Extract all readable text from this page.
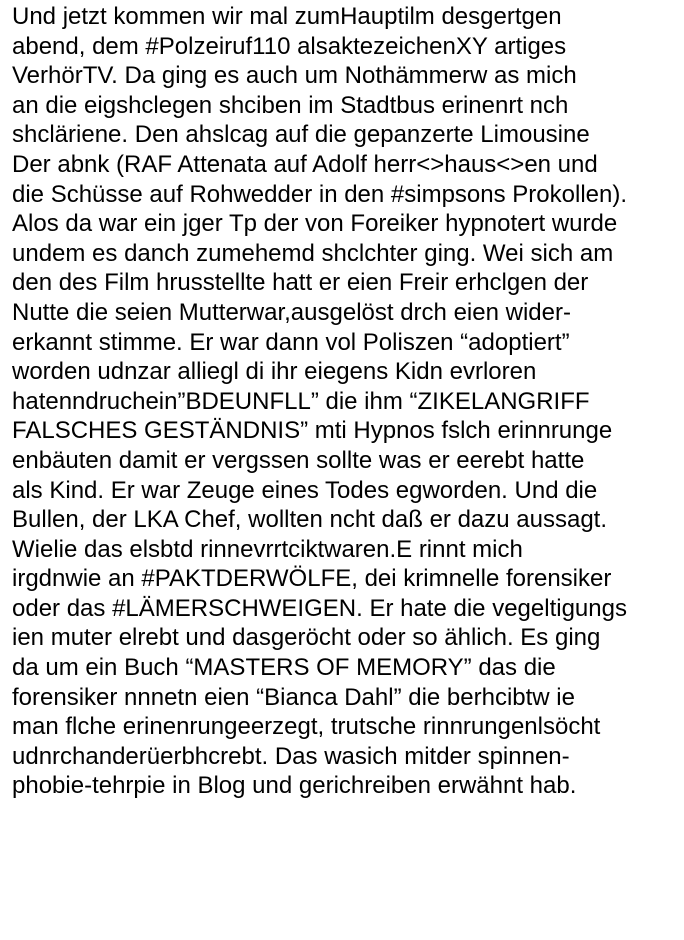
Und jetzt kommen wir mal zumHauptilm desgertgen
abend, dem #Polzeiruf110 alsaktezeichenXY artiges
VerhörTV. Da ging es auch um Nothämmerw as mich
an die eigshclegen shciben im Stadtbus erinenrt nch
shcläriene. Den ahslcag auf die gepanzerte Limousine
Der abnk (RAF Attenata auf Adolf herr<>haus<>en und
die Schüsse auf Rohwedder in den #simpsons Prokollen).
Alos da war ein jger Tp der von Foreiker hypnotert wurde
undem es danch zumehemd shclchter ging. Wei sich am
den des Film hrusstellte hatt er eien Freir erhclgen der
Nutte die seien Mutterwar,ausgelöst drch eien wider-
erkannt stimme. Er war dann vol Poliszen “adoptiert”
worden udnzar alliegl di ihr eiegens Kidn evrloren
hatenndruchein”BDEUNFLL” die ihm “ZIKELANGRIFF
FALSCHES GESTÄNDNIS” mti Hypnos fslch erinnrunge
enbäuten damit er vergssen sollte was er eerebt hatte
als Kind. Er war Zeuge eines Todes egworden. Und die
Bullen, der LKA Chef, wollten ncht daß er dazu aussagt.
Wielie das elsbtd rinnevrrtciktwaren.E rinnt mich
irgdnwie an #PAKTDERWÖLFE, dei krimnelle forensiker
oder das #LÄMERSCHWEIGEN. Er hate die vegeltigungs
ien muter elrebt und dasgeröcht oder so ählich. Es ging
da um ein Buch “MASTERS OF MEMORY” das die
forensiker nnnetn eien “Bianca Dahl” die berhcibtw ie
man flche erinenrungeerzegt, trutsche rinnrungenlsöcht
udnrchanderüerbhcrebt. Das wasich mitder spinnen-
phobie-tehrpie in Blog und gerichreiben erwähnt hab.
